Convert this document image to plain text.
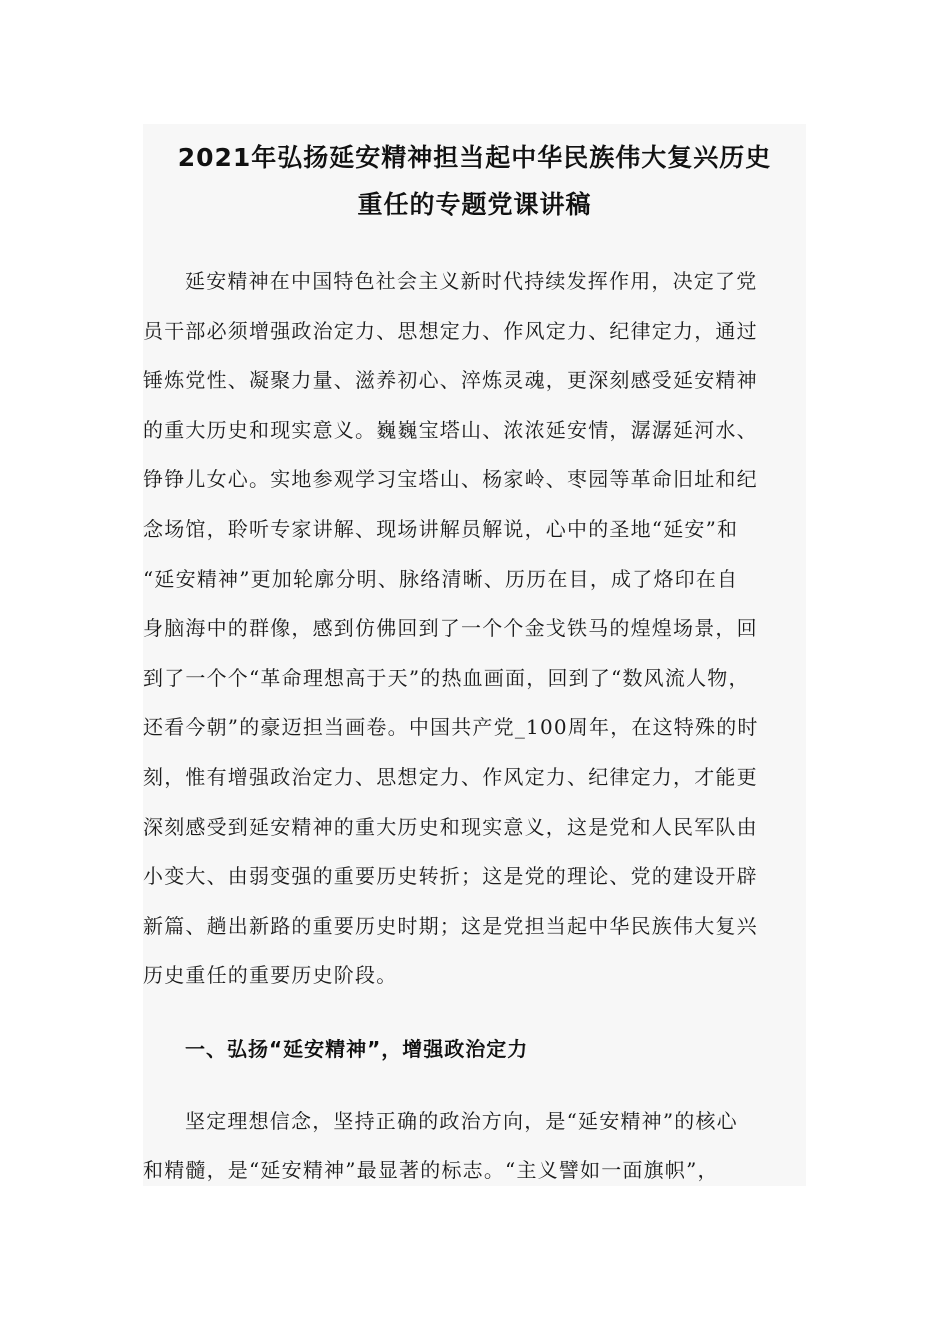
2021年弘扬延安精神担当起中华民族伟大复兴历史
重任的专题党课讲稿

延安精神在中国特色社会主义新时代持续发挥作用，决定了党
员干部必须增强政治定力、思想定力、作风定力、纪律定力，通过
锤炼党性、凝聚力量、滋养初心、淬炼灵魂，更深刻感受延安精神
的重大历史和现实意义。巍巍宝塔山、浓浓延安情，潺潺延河水、
铮铮儿女心。实地参观学习宝塔山、杨家岭、枣园等革命旧址和纪
念场馆，聆听专家讲解、现场讲解员解说，心中的圣地“延安”和
“延安精神”更加轮廓分明、脉络清晰、历历在目，成了烙印在自
身脑海中的群像，感到仿佛回到了一个个金戈铁马的煌煌场景，回
到了一个个“革命理想高于天”的热血画面，回到了“数风流人物，
还看今朝”的豪迈担当画卷。中国共产党_100周年，在这特殊的时
刻，惟有增强政治定力、思想定力、作风定力、纪律定力，才能更
深刻感受到延安精神的重大历史和现实意义，这是党和人民军队由
小变大、由弱变强的重要历史转折；这是党的理论、党的建设开辟
新篇、趟出新路的重要历史时期；这是党担当起中华民族伟大复兴
历史重任的重要历史阶段。

一、弘扬“延安精神”，增强政治定力

坚定理想信念，坚持正确的政治方向，是“延安精神”的核心
和精髓，是“延安精神”最显著的标志。“主义譬如一面旗帜”，
